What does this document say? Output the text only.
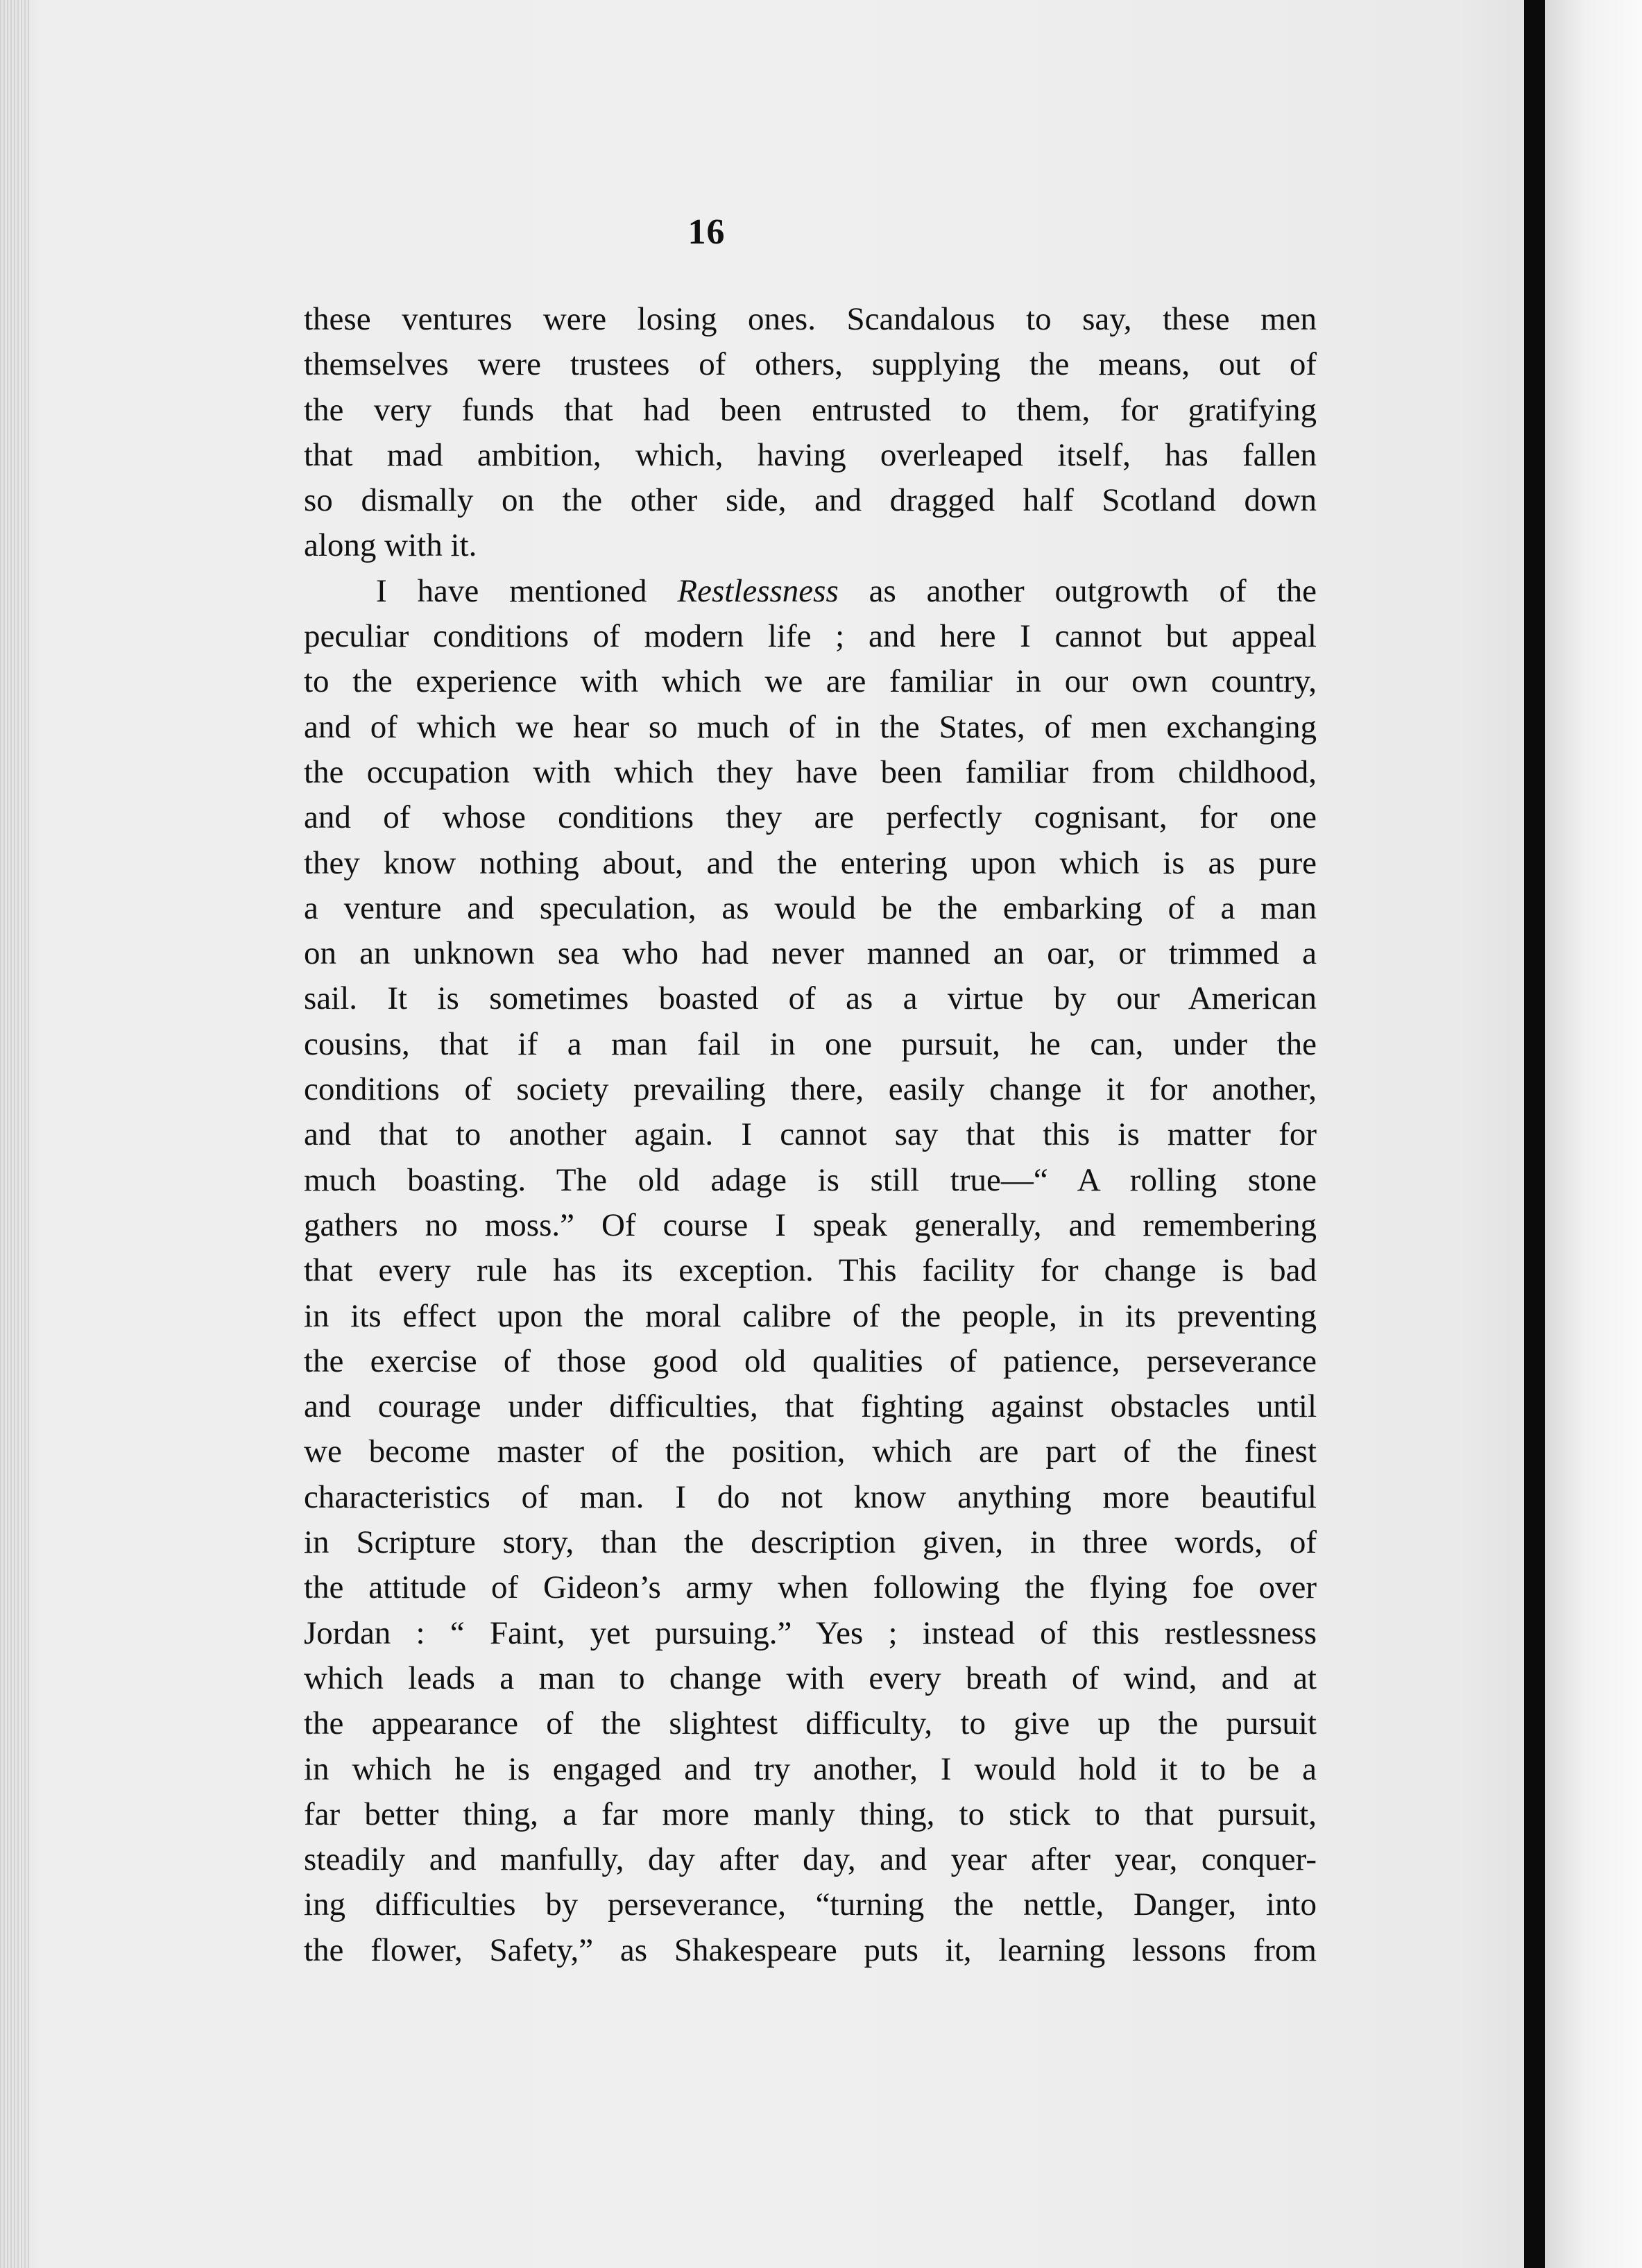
16
these ventures were losing ones. Scandalous to say, these men
themselves were trustees of others, supplying the means, out of
the very funds that had been entrusted to them, for gratifying
that mad ambition, which, having overleaped itself, has fallen
so dismally on the other side, and dragged half Scotland down
along with it.
I have mentioned Restlessness as another outgrowth of the
peculiar conditions of modern life ; and here I cannot but appeal
to the experience with which we are familiar in our own country,
and of which we hear so much of in the States, of men exchanging
the occupation with which they have been familiar from childhood,
and of whose conditions they are perfectly cognisant, for one
they know nothing about, and the entering upon which is as pure
a venture and speculation, as would be the embarking of a man
on an unknown sea who had never manned an oar, or trimmed a
sail. It is sometimes boasted of as a virtue by our American
cousins, that if a man fail in one pursuit, he can, under the
conditions of society prevailing there, easily change it for another,
and that to another again. I cannot say that this is matter for
much boasting. The old adage is still true—“ A rolling stone
gathers no moss.” Of course I speak generally, and remembering
that every rule has its exception. This facility for change is bad
in its effect upon the moral calibre of the people, in its preventing
the exercise of those good old qualities of patience, perseverance
and courage under difficulties, that fighting against obstacles until
we become master of the position, which are part of the finest
characteristics of man. I do not know anything more beautiful
in Scripture story, than the description given, in three words, of
the attitude of Gideon’s army when following the flying foe over
Jordan : “ Faint, yet pursuing.” Yes ; instead of this restlessness
which leads a man to change with every breath of wind, and at
the appearance of the slightest difficulty, to give up the pursuit
in which he is engaged and try another, I would hold it to be a
far better thing, a far more manly thing, to stick to that pursuit,
steadily and manfully, day after day, and year after year, conquer-
ing difficulties by perseverance, “turning the nettle, Danger, into
the flower, Safety,” as Shakespeare puts it, learning lessons from
